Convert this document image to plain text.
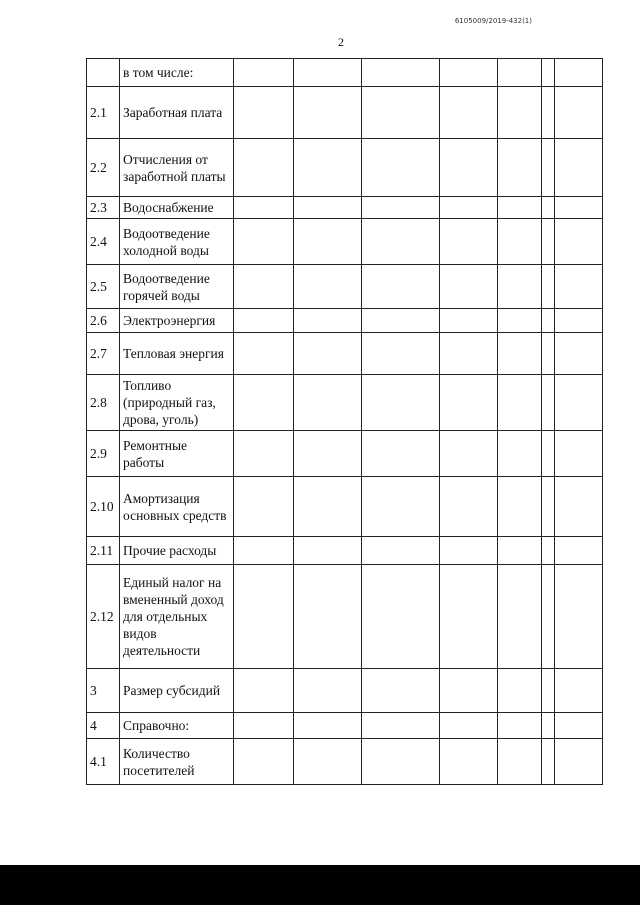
6105009/2019-432(1)
2
	в том числе:							
2.1	Заработная плата							
2.2	Отчисления от заработной платы							
2.3	Водоснабжение							
2.4	Водоотведение холодной воды							
2.5	Водоотведение горячей воды							
2.6	Электроэнергия							
2.7	Тепловая энергия							
2.8	Топливо (природный газ, дрова, уголь)							
2.9	Ремонтные работы							
2.10	Амортизация основных средств							
2.11	Прочие расходы							
2.12	Единый налог на вмененный доход для отдельных видов деятельности							
3	Размер субсидий							
4	Справочно:							
4.1	Количество посетителей							
